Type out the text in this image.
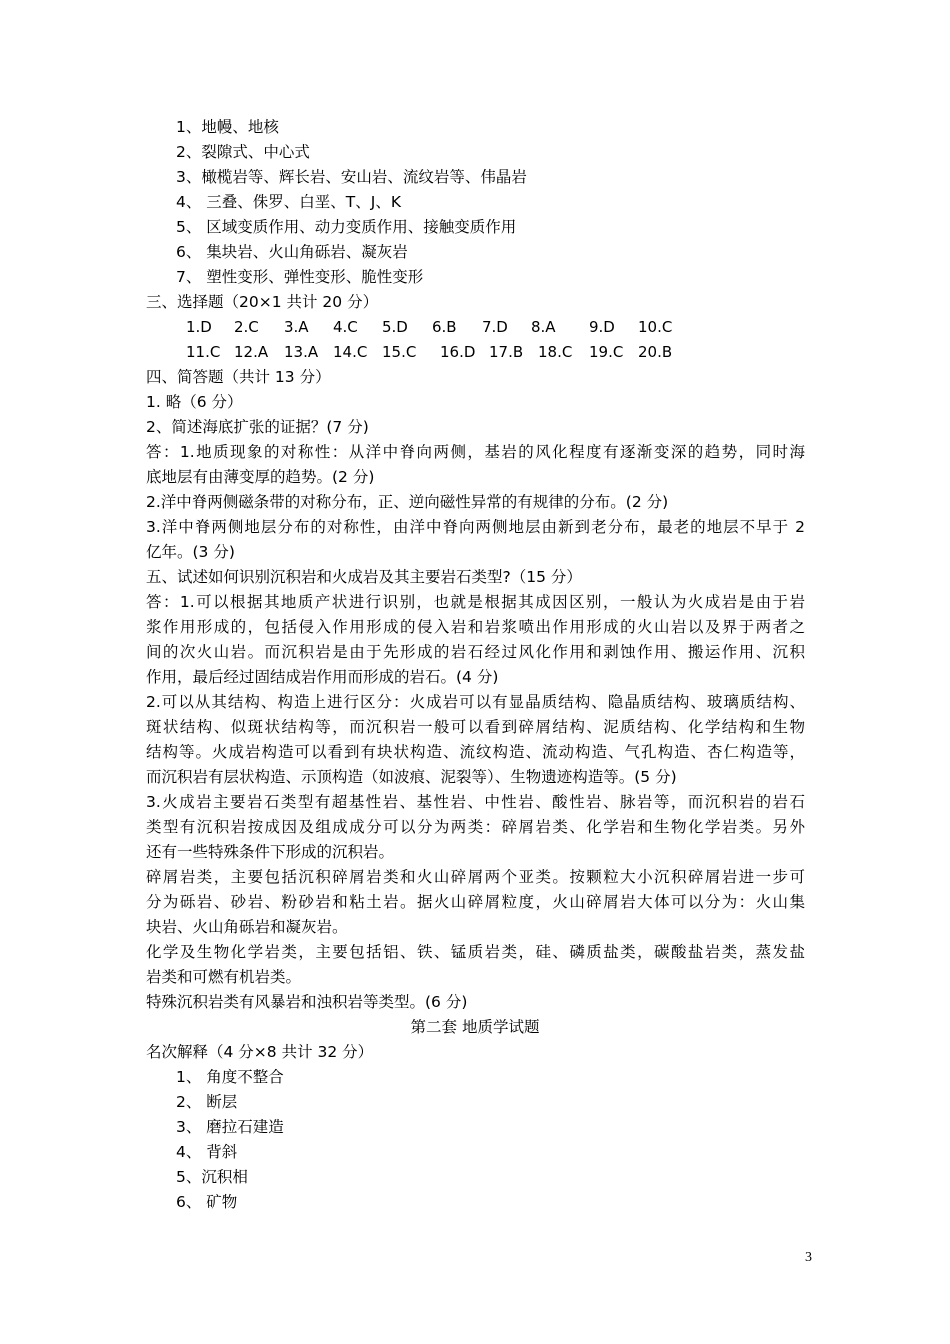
1、地幔、地核
2、裂隙式、中心式
3、橄榄岩等、辉长岩、安山岩、流纹岩等、伟晶岩
4、 三叠、侏罗、白垩、T、J、K
5、 区域变质作用、动力变质作用、接触变质作用
6、 集块岩、火山角砾岩、凝灰岩
7、 塑性变形、弹性变形、脆性变形
三、选择题（20×1 共计 20 分）
1.D 2.C 3.A 4.C 5.D 6.B 7.D 8.A 9.D 10.C
11.C 12.A 13.A 14.C 15.C 16.D 17.B 18.C 19.C 20.B
四、简答题（共计 13 分）
1. 略（6 分）
2、简述海底扩张的证据？(7 分)
答：1.地质现象的对称性：从洋中脊向两侧，基岩的风化程度有逐渐变深的趋势，同时海
底地层有由薄变厚的趋势。(2 分)
2.洋中脊两侧磁条带的对称分布，正、逆向磁性异常的有规律的分布。(2 分)
3.洋中脊两侧地层分布的对称性，由洋中脊向两侧地层由新到老分布，最老的地层不早于 2
亿年。(3 分)
五、试述如何识别沉积岩和火成岩及其主要岩石类型?（15 分）
答：1.可以根据其地质产状进行识别，也就是根据其成因区别，一般认为火成岩是由于岩
浆作用形成的，包括侵入作用形成的侵入岩和岩浆喷出作用形成的火山岩以及界于两者之
间的次火山岩。而沉积岩是由于先形成的岩石经过风化作用和剥蚀作用、搬运作用、沉积
作用，最后经过固结成岩作用而形成的岩石。(4 分)
2.可以从其结构、构造上进行区分：火成岩可以有显晶质结构、隐晶质结构、玻璃质结构、
斑状结构、似斑状结构等，而沉积岩一般可以看到碎屑结构、泥质结构、化学结构和生物
结构等。火成岩构造可以看到有块状构造、流纹构造、流动构造、气孔构造、杏仁构造等，
而沉积岩有层状构造、示顶构造（如波痕、泥裂等）、生物遗迹构造等。(5 分)
3.火成岩主要岩石类型有超基性岩、基性岩、中性岩、酸性岩、脉岩等，而沉积岩的岩石
类型有沉积岩按成因及组成成分可以分为两类：碎屑岩类、化学岩和生物化学岩类。另外
还有一些特殊条件下形成的沉积岩。
碎屑岩类，主要包括沉积碎屑岩类和火山碎屑两个亚类。按颗粒大小沉积碎屑岩进一步可
分为砾岩、砂岩、粉砂岩和粘土岩。据火山碎屑粒度，火山碎屑岩大体可以分为：火山集
块岩、火山角砾岩和凝灰岩。
化学及生物化学岩类，主要包括铝、铁、锰质岩类，硅、磷质盐类，碳酸盐岩类，蒸发盐
岩类和可燃有机岩类。
特殊沉积岩类有风暴岩和浊积岩等类型。(6 分)
第二套 地质学试题
名次解释（4 分×8 共计 32 分）
1、 角度不整合
2、 断层
3、 磨拉石建造
4、 背斜
5、沉积相
6、 矿物
3
